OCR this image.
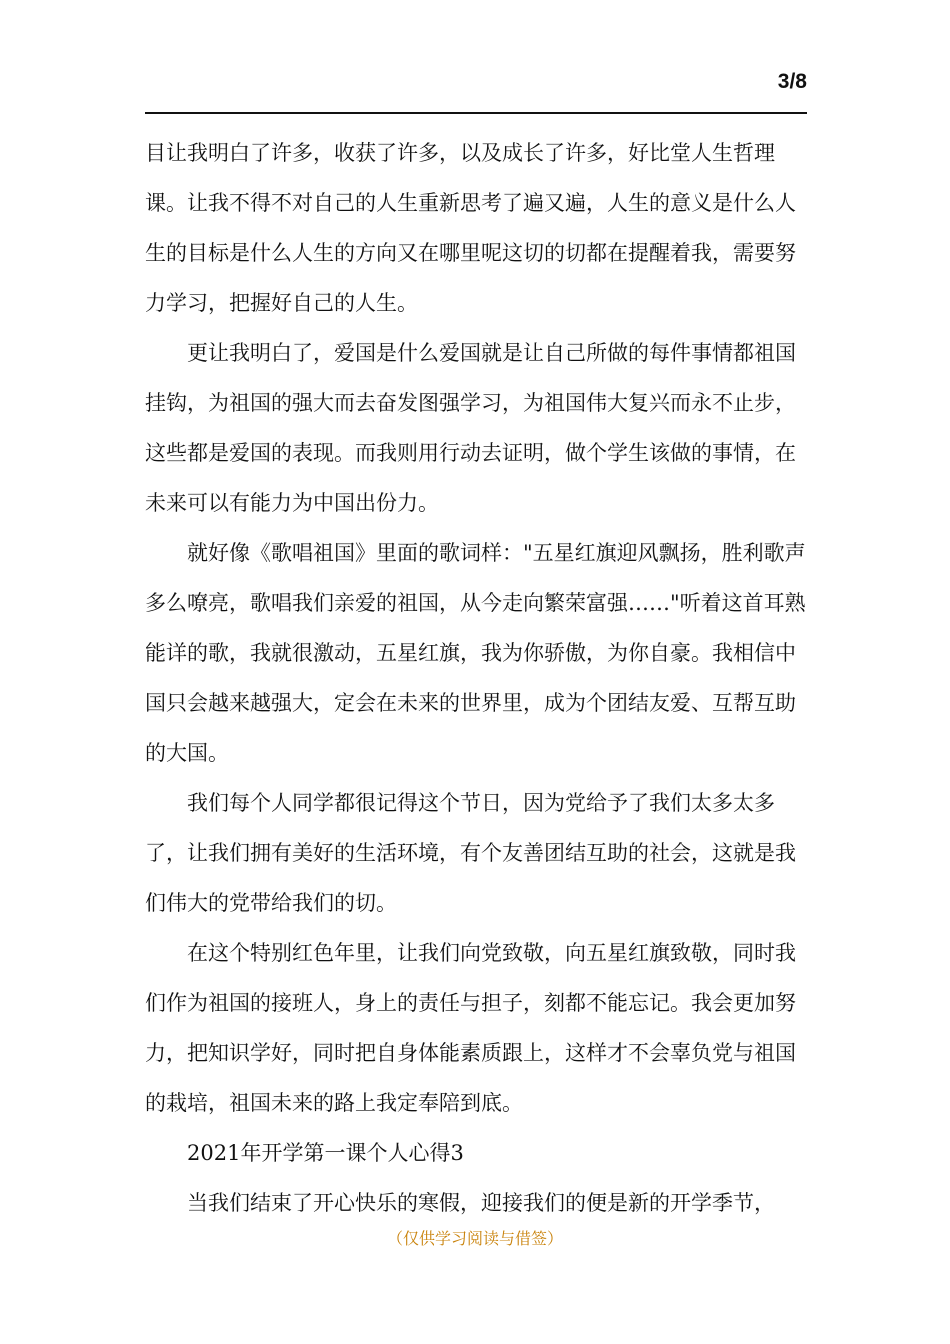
3/8

目让我明白了许多，收获了许多，以及成长了许多，好比堂人生哲理课。让我不得不对自己的人生重新思考了遍又遍，人生的意义是什么人生的目标是什么人生的方向又在哪里呢这切的切都在提醒着我，需要努力学习，把握好自己的人生。

更让我明白了，爱国是什么爱国就是让自己所做的每件事情都祖国挂钩，为祖国的强大而去奋发图强学习，为祖国伟大复兴而永不止步，这些都是爱国的表现。而我则用行动去证明，做个学生该做的事情，在未来可以有能力为中国出份力。

就好像《歌唱祖国》里面的歌词样："五星红旗迎风飘扬，胜利歌声多么嘹亮，歌唱我们亲爱的祖国，从今走向繁荣富强……"听着这首耳熟能详的歌，我就很激动，五星红旗，我为你骄傲，为你自豪。我相信中国只会越来越强大，定会在未来的世界里，成为个团结友爱、互帮互助的大国。

我们每个人同学都很记得这个节日，因为党给予了我们太多太多了，让我们拥有美好的生活环境，有个友善团结互助的社会，这就是我们伟大的党带给我们的切。

在这个特别红色年里，让我们向党致敬，向五星红旗致敬，同时我们作为祖国的接班人，身上的责任与担子，刻都不能忘记。我会更加努力，把知识学好，同时把自身体能素质跟上，这样才不会辜负党与祖国的栽培，祖国未来的路上我定奉陪到底。

2021年开学第一课个人心得3

当我们结束了开心快乐的寒假，迎接我们的便是新的开学季节，

（仅供学习阅读与借签）
